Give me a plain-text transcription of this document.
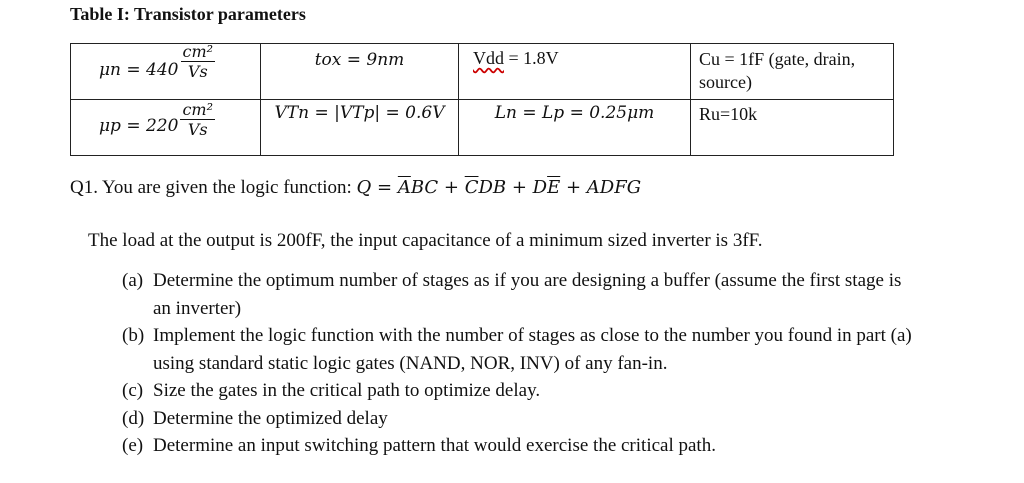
Table I: Transistor parameters
$\mu n = 440 \frac{\text{cm²}}{Vs}$	tox = 9nm	Vdd = 1.8V	Cu = 1fF (gate, drain, source)

$\mu p = 220 \frac{\text{cm²}}{Vs}$	VTn = |VTp| = 0.6V	Ln = Lp = 0.25μm	Ru=10k
Q1. You are given the logic function: $Q = \overline{A}BC + \overline{C}DB + D\overline{E}$ + ADFG
The load at the output is 200fF, the input capacitance of a minimum sized inverter is 3fF.
(a) Determine the optimum number of stages as if you are designing a buffer (assume the first stage is an inverter)
(b) Implement the logic function with the number of stages as close to the number you found in part (a) using standard static logic gates (NAND, NOR, INV) of any fan-in.
(c) Size the gates in the critical path to optimize delay.
(d) Determine the optimized delay
(e) Determine an input switching pattern that would exercise the critical path.
